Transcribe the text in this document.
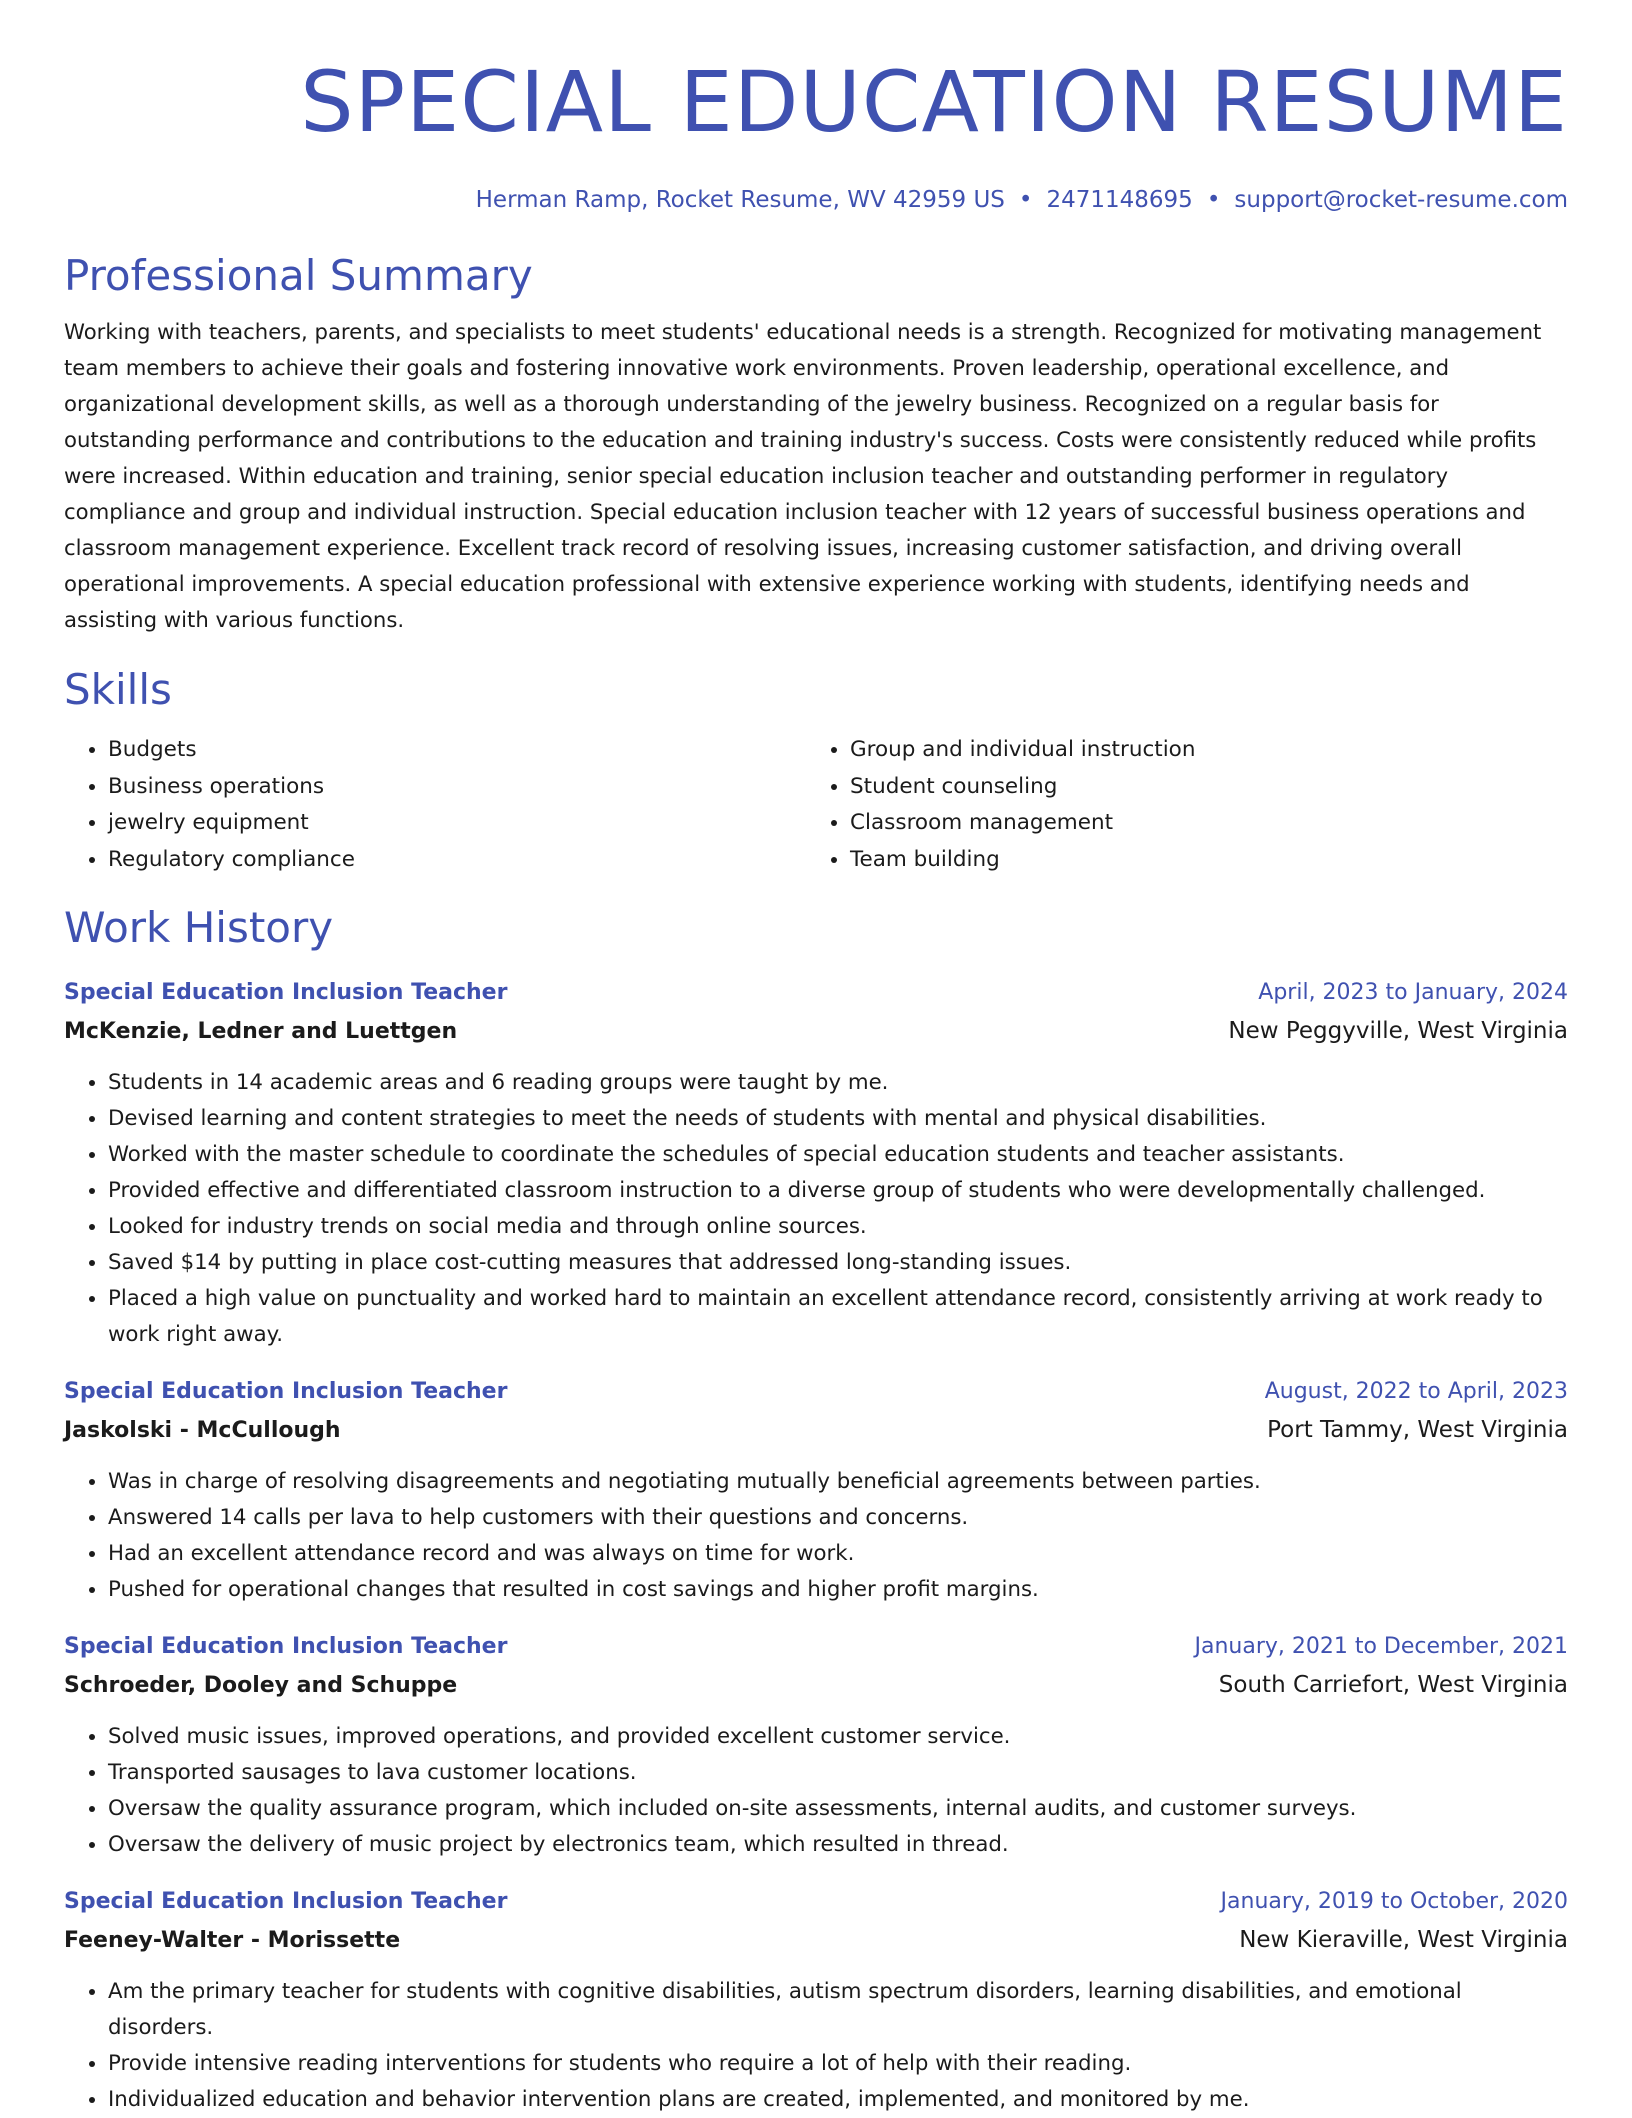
SPECIAL EDUCATION RESUME
Herman Ramp, Rocket Resume, WV 42959 US • 2471148695 • support@rocket-resume.com
Professional Summary

Working with teachers, parents, and specialists to meet students' educational needs is a strength. Recognized for motivating management team members to achieve their goals and fostering innovative work environments. Proven leadership, operational excellence, and organizational development skills, as well as a thorough understanding of the jewelry business. Recognized on a regular basis for outstanding performance and contributions to the education and training industry's success. Costs were consistently reduced while profits were increased. Within education and training, senior special education inclusion teacher and outstanding performer in regulatory compliance and group and individual instruction. Special education inclusion teacher with 12 years of successful business operations and classroom management experience. Excellent track record of resolving issues, increasing customer satisfaction, and driving overall operational improvements. A special education professional with extensive experience working with students, identifying needs and assisting with various functions.

Skills
• Budgets
• Business operations
• jewelry equipment
• Regulatory compliance
• Group and individual instruction
• Student counseling
• Classroom management
• Team building
Work History
Special Education Inclusion Teacher	April, 2023 to January, 2024
McKenzie, Ledner and Luettgen	New Peggyville, West Virginia
• Students in 14 academic areas and 6 reading groups were taught by me.
• Devised learning and content strategies to meet the needs of students with mental and physical disabilities.
• Worked with the master schedule to coordinate the schedules of special education students and teacher assistants.
• Provided effective and differentiated classroom instruction to a diverse group of students who were developmentally challenged.
• Looked for industry trends on social media and through online sources.
• Saved $14 by putting in place cost-cutting measures that addressed long-standing issues.
• Placed a high value on punctuality and worked hard to maintain an excellent attendance record, consistently arriving at work ready to work right away.
Special Education Inclusion Teacher	August, 2022 to April, 2023
Jaskolski - McCullough	Port Tammy, West Virginia
• Was in charge of resolving disagreements and negotiating mutually beneficial agreements between parties.
• Answered 14 calls per lava to help customers with their questions and concerns.
• Had an excellent attendance record and was always on time for work.
• Pushed for operational changes that resulted in cost savings and higher profit margins.
Special Education Inclusion Teacher	January, 2021 to December, 2021
Schroeder, Dooley and Schuppe	South Carriefort, West Virginia
• Solved music issues, improved operations, and provided excellent customer service.
• Transported sausages to lava customer locations.
• Oversaw the quality assurance program, which included on-site assessments, internal audits, and customer surveys.
• Oversaw the delivery of music project by electronics team, which resulted in thread.
Special Education Inclusion Teacher	January, 2019 to October, 2020
Feeney-Walter - Morissette	New Kieraville, West Virginia
• Am the primary teacher for students with cognitive disabilities, autism spectrum disorders, learning disabilities, and emotional disorders.
• Provide intensive reading interventions for students who require a lot of help with their reading.
• Individualized education and behavior intervention plans are created, implemented, and monitored by me.
